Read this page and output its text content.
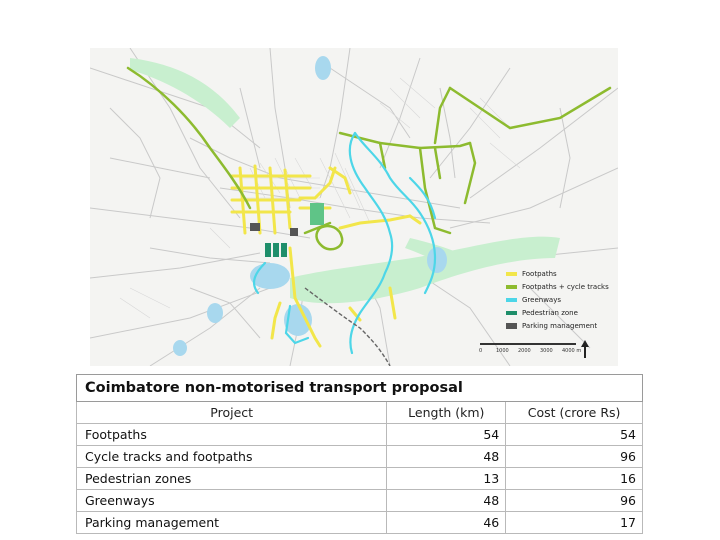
Footpaths
Footpaths + cycle tracks
Greenways
Pedestrian zone
Parking management
0	1000 2000 3000 4000 m
Coimbatore non-motorised transport proposal		
Project	Length (km)	Cost (crore Rs)
Footpaths	54	54
Cycle tracks and footpaths	48	96
Pedestrian zones	13	16
Greenways	48	96
Parking management	46	17
